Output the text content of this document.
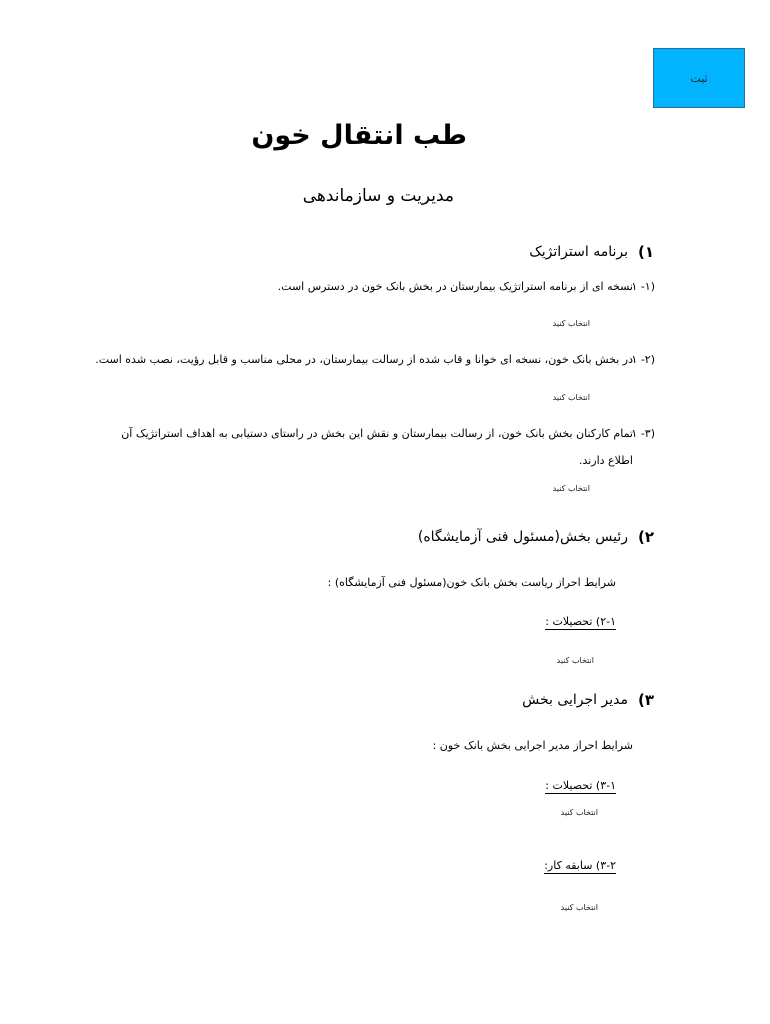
ثبت
طب انتقال خون
مدیریت و سازماندهی
۱)
برنامه استراتژیک
۱ -۱)
نسخه ای از برنامه استراتژیک بیمارستان در بخش بانک خون در دسترس است.
انتخاب کنید
۱ -۲)
در بخش بانک خون، نسخه ای خوانا و قاب شده از رسالت بیمارستان، در محلی مناسب و قابل رؤیت، نصب شده است.
انتخاب کنید
۱ -۳)
تمام کارکنان بخش بانک خون، از رسالت بیمارستان و نقش این بخش در راستای دستیابی به اهداف استراتژیک آن اطلاع دارند.
انتخاب کنید
۲)
رئیس بخش(مسئول فنی آزمایشگاه)
شرایط احراز ریاست بخش بانک خون(مسئول فنی آزمایشگاه) :
۲-۱) تحصیلات :
انتخاب کنید
۳)
مدیر اجرایی بخش
شرایط احراز مدیر اجرایی بخش بانک خون :
۳-۱) تحصیلات :
انتخاب کنید
۳-۲) سابقه کار:
انتخاب کنید
